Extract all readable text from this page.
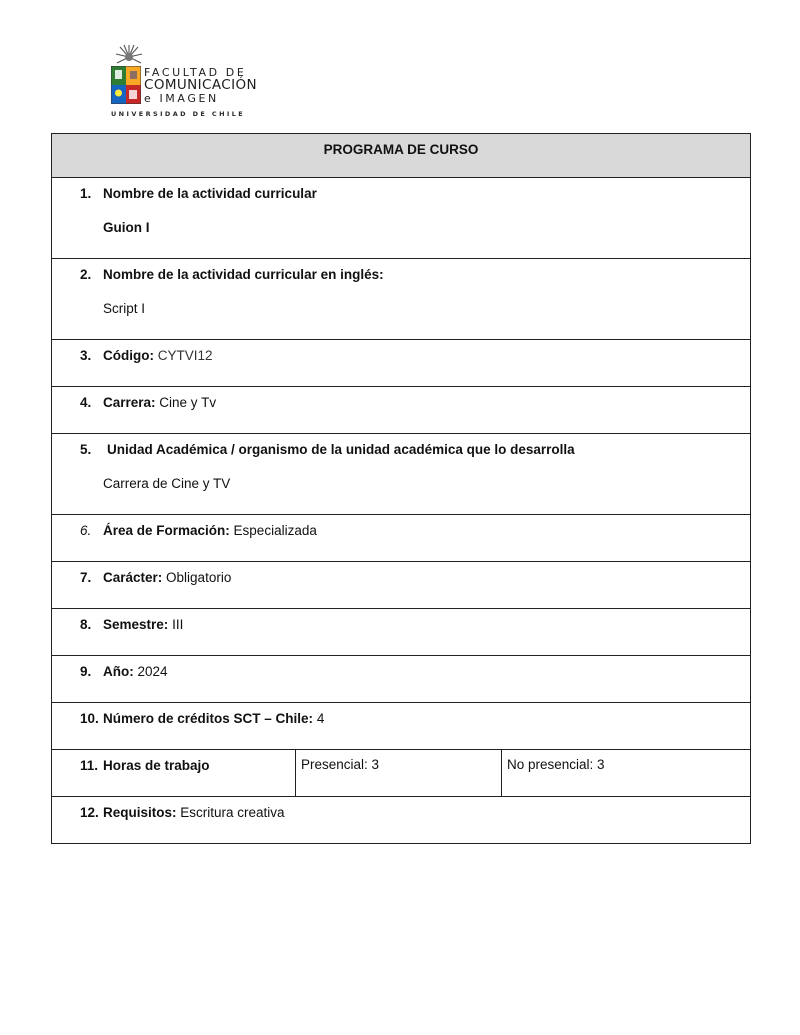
FACULTAD DE
COMUNICACIÓN
e IMAGEN
UNIVERSIDAD DE CHILE
PROGRAMA DE CURSO

1. Nombre de la actividad curricular
Guion I

2. Nombre de la actividad curricular en inglés:
Script I

3. Código: CYTVI12

4. Carrera: Cine y Tv

5. Unidad Académica / organismo de la unidad académica que lo desarrolla
Carrera de Cine y TV

6. Área de Formación: Especializada

7. Carácter: Obligatorio

8. Semestre: III

9. Año: 2024

10. Número de créditos SCT – Chile: 4

11. Horas de trabajo	Presencial: 3	No presencial: 3

12. Requisitos: Escritura creativa
